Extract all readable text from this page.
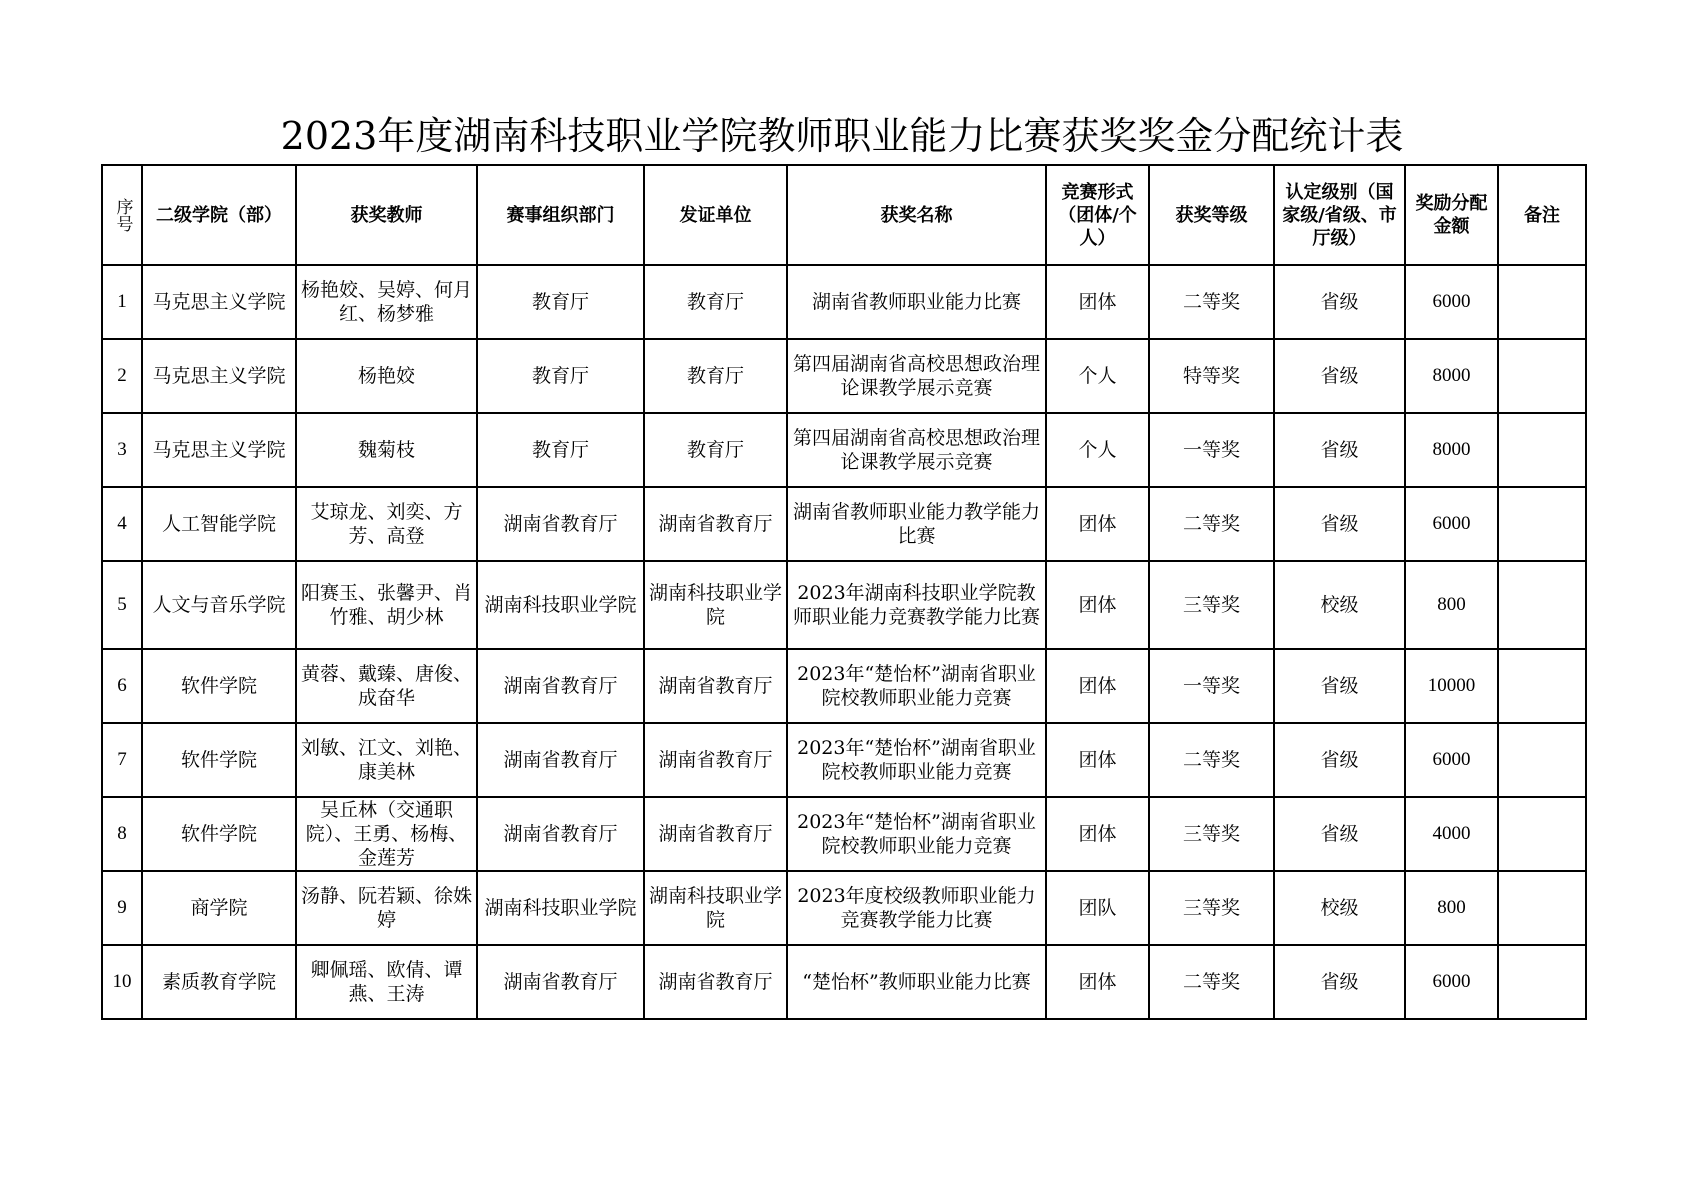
2023年度湖南科技职业学院教师职业能力比赛获奖奖金分配统计表
序号	二级学院（部）	获奖教师	赛事组织部门	发证单位	获奖名称	竞赛形式（团体/个人）	获奖等级	认定级别（国家级/省级、市厅级）	奖励分配金额	备注
1	马克思主义学院	杨艳姣、吴婷、何月红、杨梦雅	教育厅	教育厅	湖南省教师职业能力比赛	团体	二等奖	省级	6000	
2	马克思主义学院	杨艳姣	教育厅	教育厅	第四届湖南省高校思想政治理论课教学展示竞赛	个人	特等奖	省级	8000	
3	马克思主义学院	魏菊枝	教育厅	教育厅	第四届湖南省高校思想政治理论课教学展示竞赛	个人	一等奖	省级	8000	
4	人工智能学院	艾琼龙、刘奕、方芳、高登	湖南省教育厅	湖南省教育厅	湖南省教师职业能力教学能力比赛	团体	二等奖	省级	6000	
5	人文与音乐学院	阳赛玉、张馨尹、肖竹雅、胡少林	湖南科技职业学院	湖南科技职业学院	2023年湖南科技职业学院教师职业能力竞赛教学能力比赛	团体	三等奖	校级	800	
6	软件学院	黄蓉、戴臻、唐俊、成奋华	湖南省教育厅	湖南省教育厅	2023年“楚怡杯”湖南省职业院校教师职业能力竞赛	团体	一等奖	省级	10000	
7	软件学院	刘敏、江文、刘艳、康美林	湖南省教育厅	湖南省教育厅	2023年“楚怡杯”湖南省职业院校教师职业能力竞赛	团体	二等奖	省级	6000	
8	软件学院	吴丘林（交通职院）、王勇、杨梅、金莲芳	湖南省教育厅	湖南省教育厅	2023年“楚怡杯”湖南省职业院校教师职业能力竞赛	团体	三等奖	省级	4000	
9	商学院	汤静、阮若颖、徐姝婷	湖南科技职业学院	湖南科技职业学院	2023年度校级教师职业能力竞赛教学能力比赛	团队	三等奖	校级	800	
10	素质教育学院	卿佩瑶、欧倩、谭燕、王涛	湖南省教育厅	湖南省教育厅	“楚怡杯”教师职业能力比赛	团体	二等奖	省级	6000	
